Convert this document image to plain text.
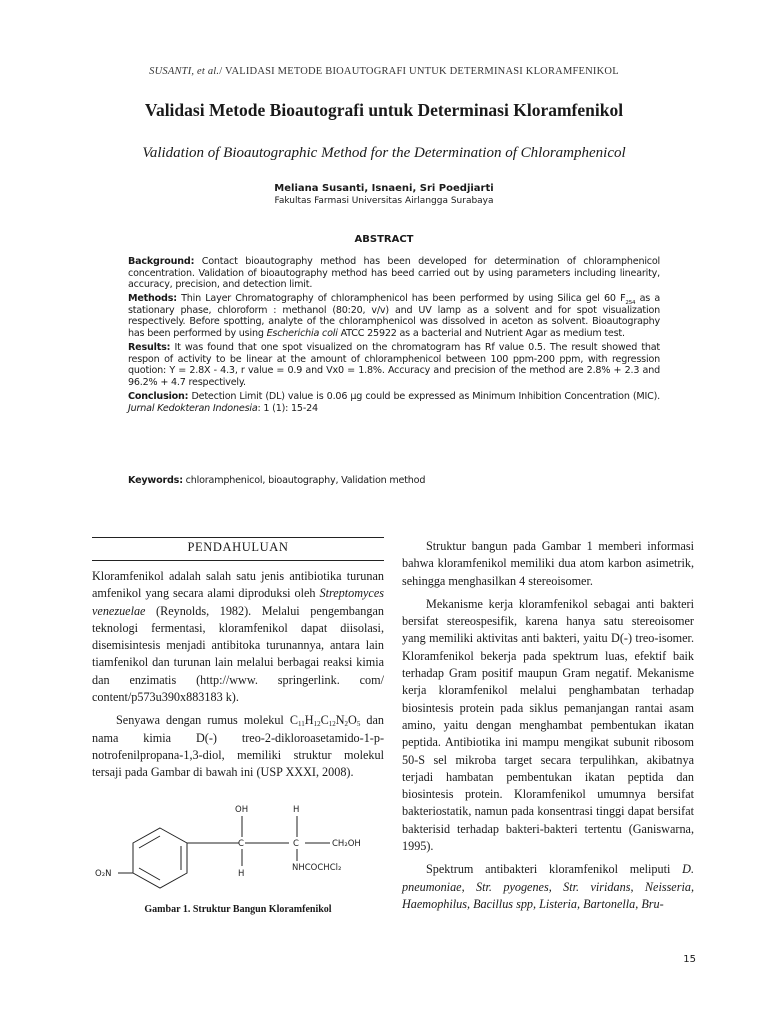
SUSANTI, et al./ VALIDASI METODE BIOAUTOGRAFI UNTUK DETERMINASI KLORAMFENIKOL
Validasi Metode Bioautografi untuk Determinasi Kloramfenikol
Validation of Bioautographic Method for the Determination of Chloramphenicol
Meliana Susanti, Isnaeni, Sri Poedjiarti
Fakultas Farmasi Universitas Airlangga Surabaya
ABSTRACT

Background: Contact bioautography method has been developed for determination of chloramphenicol concentration. Validation of bioautography method has beed carried out by using parameters including linearity, accuracy, precision, and detection limit.

Methods: Thin Layer Chromatography of chloramphenicol has been performed by using Silica gel 60 $F_{254}$ as a stationary phase, chloroform : methanol (80:20, v/v) and UV lamp as a solvent and for spot visualization respectively. Before spotting, analyte of the chloramphenicol was dissolved in aceton as solvent. Bioautography has been performed by using Escherichia coli ATCC 25922 as a bacterial and Nutrient Agar as medium test.

Results: It was found that one spot visualized on the chromatogram has Rf value 0.5. The result showed that respon of activity to be linear at the amount of chloramphenicol between 100 ppm-200 ppm, with regression quotion: Y = 2.8X - 4.3, r value = 0.9 and Vx0 = 1.8%. Accuracy and precision of the method are 2.8% + 2.3 and 96.2% + 4.7 respectively.

Conclusion: Detection Limit (DL) value is 0.06 μg could be expressed as Minimum Inhibition Concentration (MIC). Jurnal Kedokteran Indonesia: 1 (1): 15-24

Keywords: chloramphenicol, bioautography, Validation method
PENDAHULUAN

Kloramfenikol adalah salah satu jenis antibiotika turunan amfenikol yang secara alami diproduksi oleh Streptomyces venezuelae (Reynolds, 1982). Melalui pengembangan teknologi fermentasi, kloramfenikol dapat diisolasi, disemisintesis menjadi antibitoka turunannya, antara lain tiamfenikol dan turunan lain melalui berbagai reaksi kimia dan enzimatis (http://www. springerlink. com/ content/p573u390x883183 k).

Senyawa dengan rumus molekul $C_{11}H_{12}C_{12}N_2O_5$ dan nama kimia D(-) treo-2-dikloroasetamido-1-p-notrofenilpropana-1,3-diol, memiliki struktur molekul tersaji pada Gambar di bawah ini (USP XXXI, 2008).

OH	H
C	C	CH₂OH
H
NHCOCHCl₂
O₂N
Gambar 1. Struktur Bangun Kloramfenikol

Struktur bangun pada Gambar 1 memberi informasi bahwa kloramfenikol memiliki dua atom karbon asimetrik, sehingga menghasilkan 4 stereoisomer.

Mekanisme kerja kloramfenikol sebagai anti bakteri bersifat stereospesifik, karena hanya satu stereoisomer yang memiliki aktivitas anti bakteri, yaitu D(-) treo-isomer. Kloramfenikol bekerja pada spektrum luas, efektif baik terhadap Gram positif maupun Gram negatif. Mekanisme kerja kloramfenikol melalui penghambatan terhadap biosintesis protein pada siklus pemanjangan rantai asam amino, yaitu dengan menghambat pembentukan ikatan peptida. Antibiotika ini mampu mengikat subunit ribosom 50-S sel mikroba target secara terpulihkan, akibatnya terjadi hambatan pembentukan ikatan peptida dan biosintesis protein. Kloramfenikol umumnya bersifat bakteriostatik, namun pada konsentrasi tinggi dapat bersifat bakterisid terhadap bakteri-bakteri tertentu (Ganiswarna, 1995).

Spektrum antibakteri kloramfenikol meliputi D. pneumoniae, Str. pyogenes, Str. viridans, Neisseria, Haemophilus, Bacillus spp, Listeria, Bartonella, Bru-

15
